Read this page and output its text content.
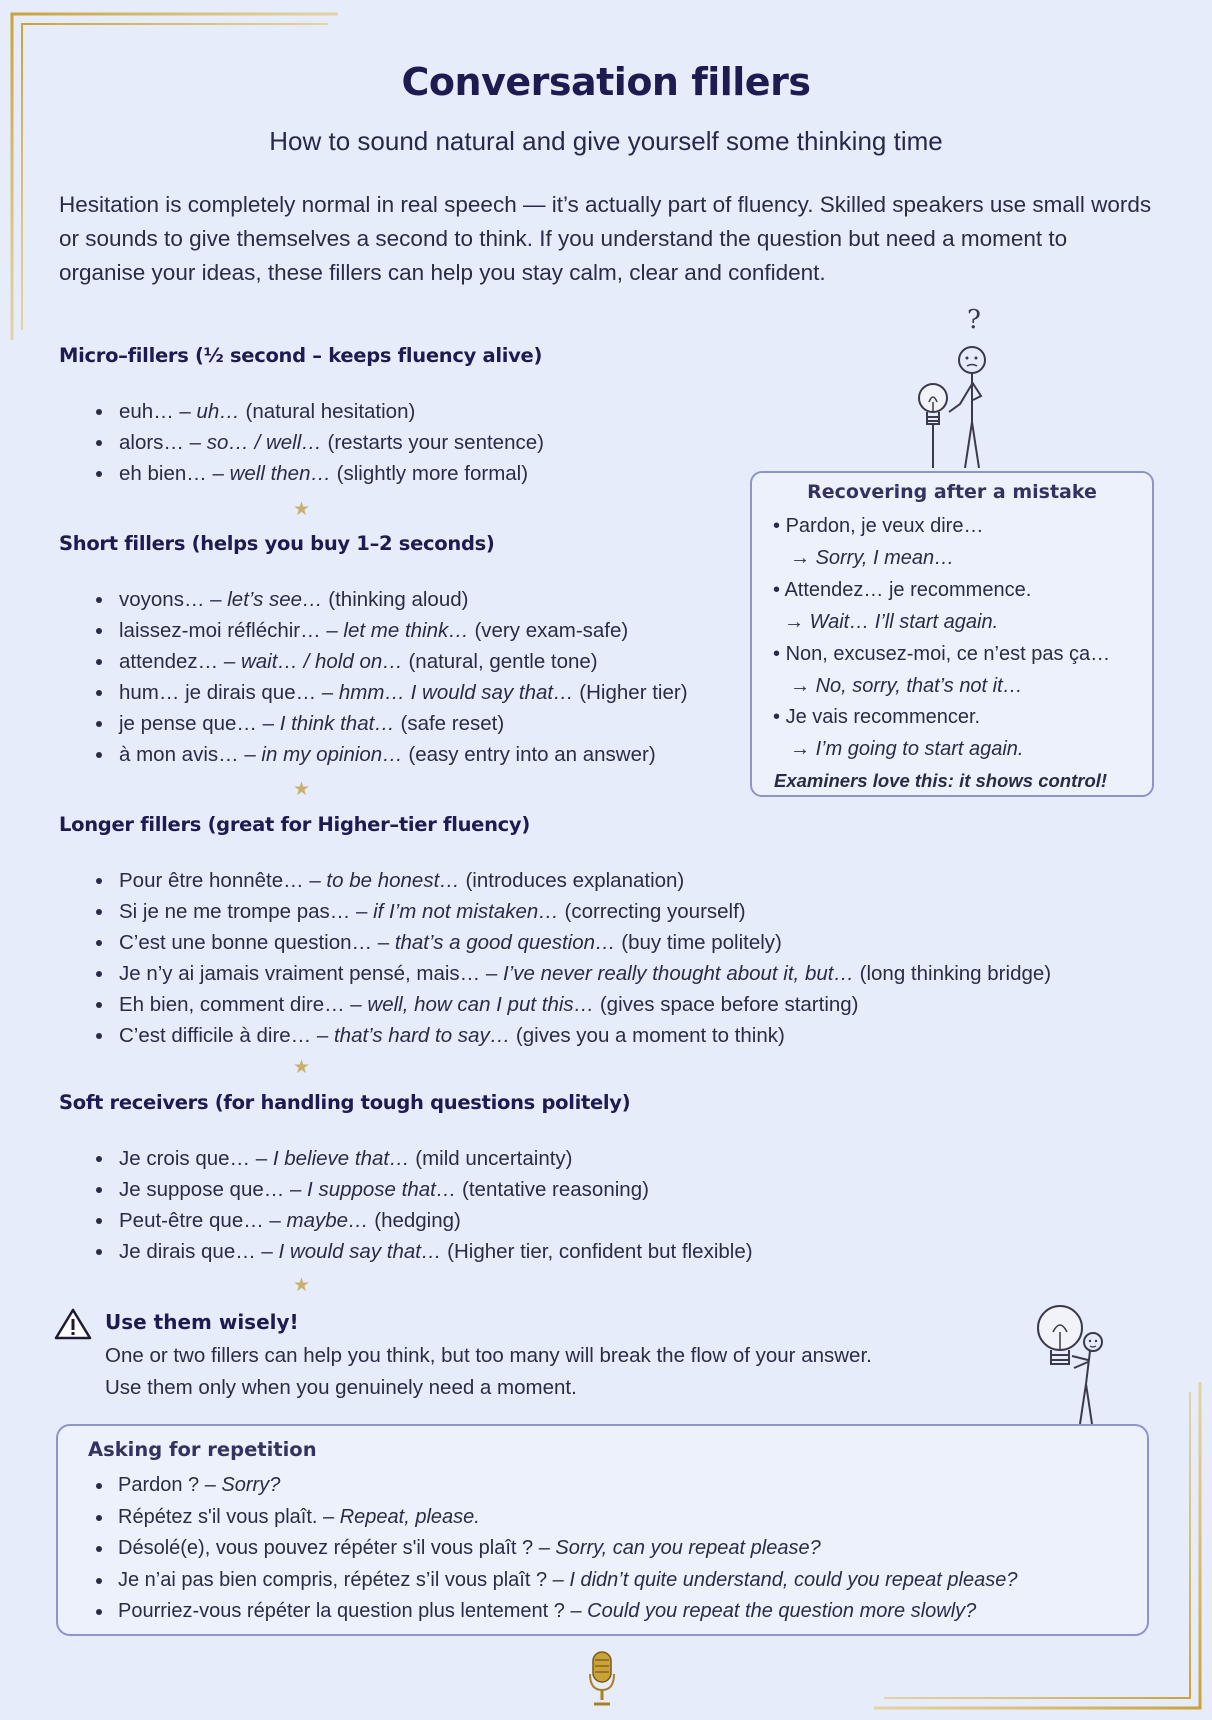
Conversation fillers

How to sound natural and give yourself some thinking time

Hesitation is completely normal in real speech — it’s actually part of fluency. Skilled speakers use small words or sounds to give themselves a second to think. If you understand the question but need a moment to organise your ideas, these fillers can help you stay calm, clear and confident.

Micro–fillers (½ second – keeps fluency alive)
• euh… – uh… (natural hesitation)
• alors… – so… / well… (restarts your sentence)
• eh bien… – well then… (slightly more formal)
★
Short fillers (helps you buy 1–2 seconds)
• voyons… – let’s see… (thinking aloud)
• laissez-moi réfléchir… – let me think… (very exam-safe)
• attendez… – wait… / hold on… (natural, gentle tone)
• hum… je dirais que… – hmm… I would say that… (Higher tier)
• je pense que… – I think that… (safe reset)
• à mon avis… – in my opinion… (easy entry into an answer)
★
Longer fillers (great for Higher–tier fluency)
• Pour être honnête… – to be honest… (introduces explanation)
• Si je ne me trompe pas… – if I’m not mistaken… (correcting yourself)
• C’est une bonne question… – that’s a good question… (buy time politely)
• Je n’y ai jamais vraiment pensé, mais… – I’ve never really thought about it, but… (long thinking bridge)
• Eh bien, comment dire… – well, how can I put this… (gives space before starting)
• C’est difficile à dire… – that’s hard to say… (gives you a moment to think)
★
Soft receivers (for handling tough questions politely)
• Je crois que… – I believe that… (mild uncertainty)
• Je suppose que… – I suppose that… (tentative reasoning)
• Peut-être que… – maybe… (hedging)
• Je dirais que… – I would say that… (Higher tier, confident but flexible)
★
?
Recovering after a mistake
• Pardon, je veux dire…
→ Sorry, I mean…
• Attendez… je recommence.
→ Wait… I’ll start again.
• Non, excusez-moi, ce n’est pas ça…
→ No, sorry, that’s not it…
• Je vais recommencer.
→ I’m going to start again.
Examiners love this: it shows control!
Use them wisely!
One or two fillers can help you think, but too many will break the flow of your answer.
Use them only when you genuinely need a moment.
Asking for repetition
• Pardon ? – Sorry?
• Répétez s'il vous plaît. – Repeat, please.
• Désolé(e), vous pouvez répéter s'il vous plaît ? – Sorry, can you repeat please?
• Je n’ai pas bien compris, répétez s’il vous plaît ? – I didn’t quite understand, could you repeat please?
• Pourriez-vous répéter la question plus lentement ? – Could you repeat the question more slowly?
